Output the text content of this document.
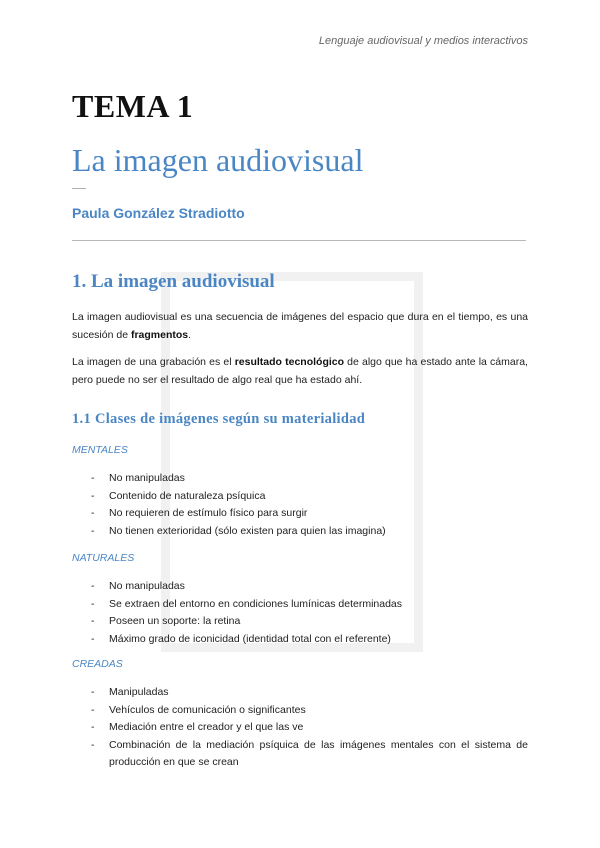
Lenguaje audiovisual y medios interactivos
TEMA 1
La imagen audiovisual
Paula González Stradiotto
1. La imagen audiovisual

La imagen audiovisual es una secuencia de imágenes del espacio que dura en el tiempo, es una sucesión de fragmentos.

La imagen de una grabación es el resultado tecnológico de algo que ha estado ante la cámara, pero puede no ser el resultado de algo real que ha estado ahí.

1.1 Clases de imágenes según su materialidad
MENTALES
- No manipuladas
- Contenido de naturaleza psíquica
- No requieren de estímulo físico para surgir
- No tienen exterioridad (sólo existen para quien las imagina)
NATURALES
- No manipuladas
- Se extraen del entorno en condiciones lumínicas determinadas
- Poseen un soporte: la retina
- Máximo grado de iconicidad (identidad total con el referente)
CREADAS
- Manipuladas
- Vehículos de comunicación o significantes
- Mediación entre el creador y el que las ve
- Combinación de la mediación psíquica de las imágenes mentales con el sistema de producción en que se crean
